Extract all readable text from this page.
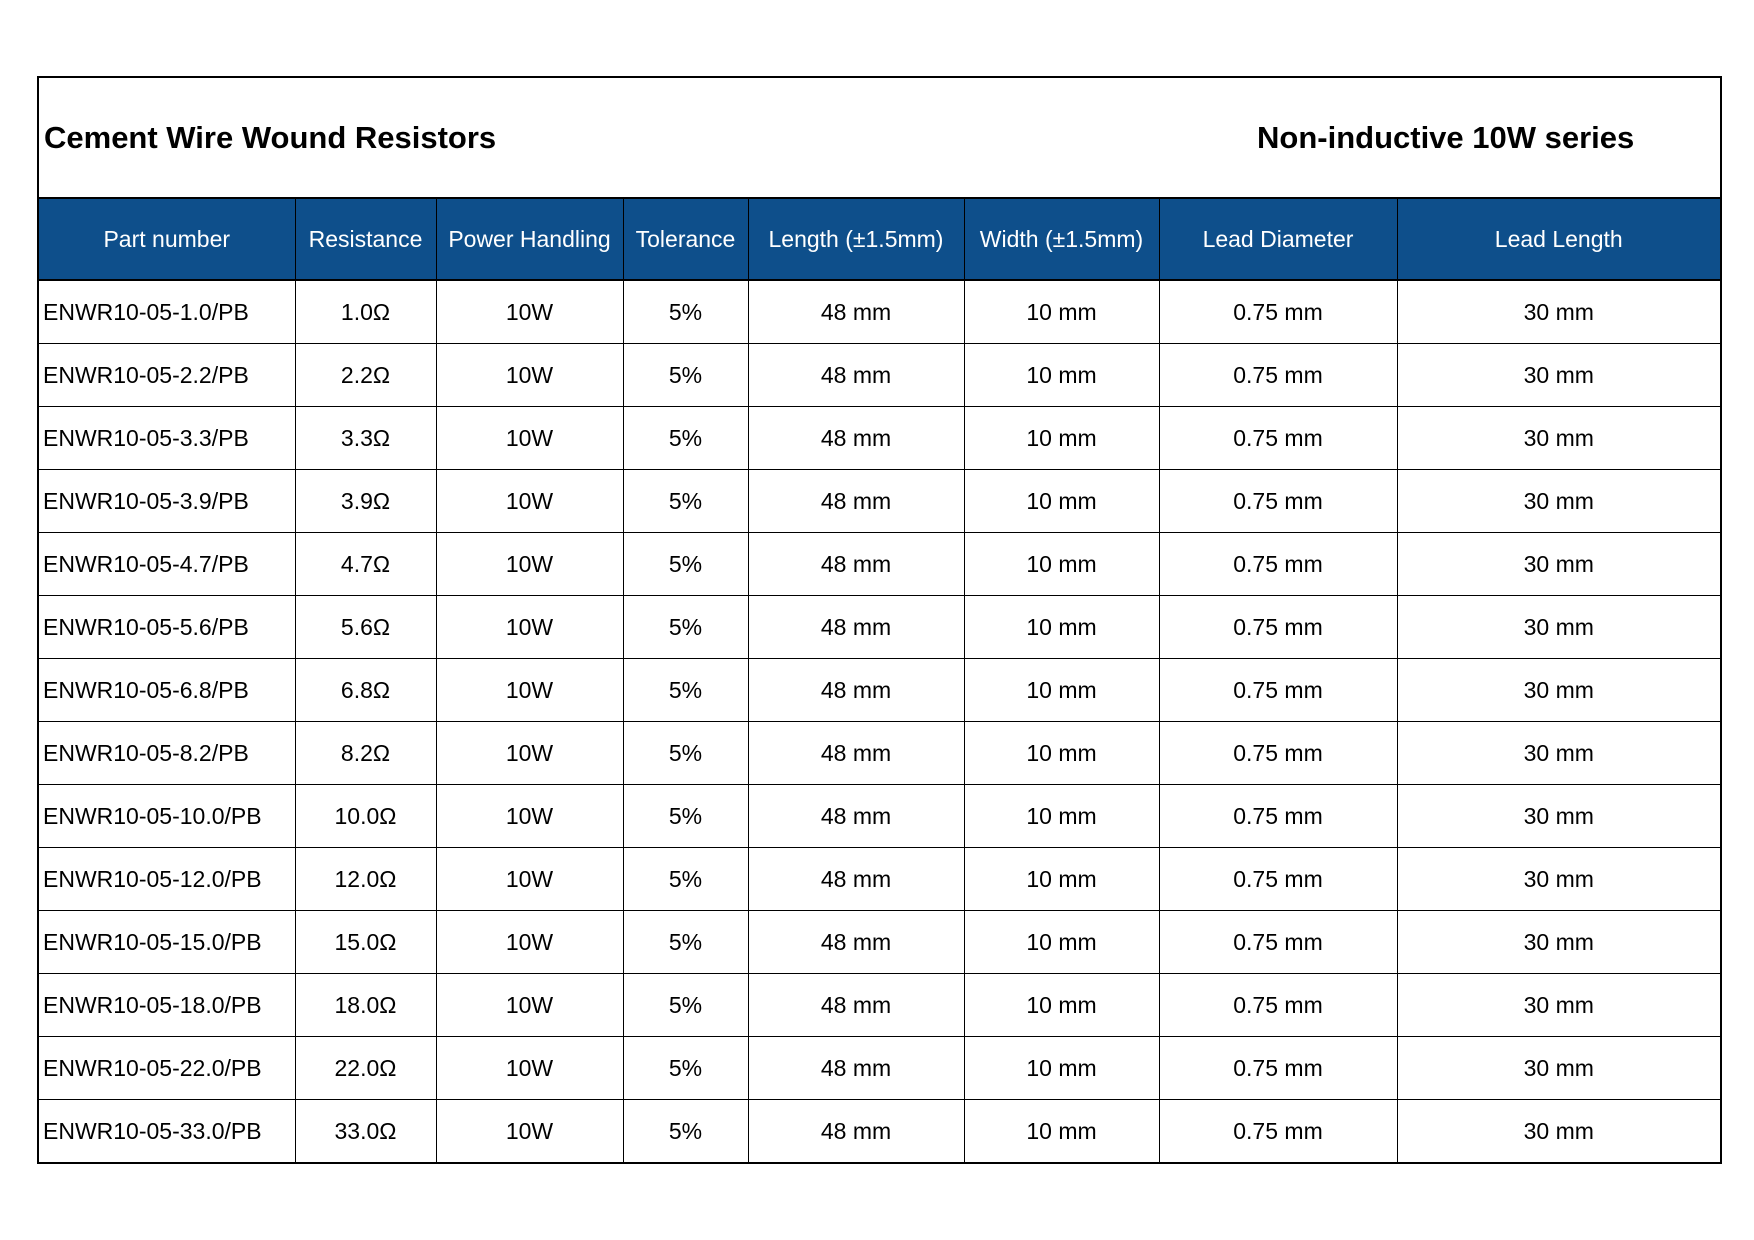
Cement Wire Wound Resistors	Non-inductive 10W series
Part number	Resistance	Power Handling	Tolerance	Length (±1.5mm)	Width (±1.5mm)	Lead Diameter	Lead Length
ENWR10-05-1.0/PB	1.0Ω	10W	5%	48 mm	10 mm	0.75 mm	30 mm
ENWR10-05-2.2/PB	2.2Ω	10W	5%	48 mm	10 mm	0.75 mm	30 mm
ENWR10-05-3.3/PB	3.3Ω	10W	5%	48 mm	10 mm	0.75 mm	30 mm
ENWR10-05-3.9/PB	3.9Ω	10W	5%	48 mm	10 mm	0.75 mm	30 mm
ENWR10-05-4.7/PB	4.7Ω	10W	5%	48 mm	10 mm	0.75 mm	30 mm
ENWR10-05-5.6/PB	5.6Ω	10W	5%	48 mm	10 mm	0.75 mm	30 mm
ENWR10-05-6.8/PB	6.8Ω	10W	5%	48 mm	10 mm	0.75 mm	30 mm
ENWR10-05-8.2/PB	8.2Ω	10W	5%	48 mm	10 mm	0.75 mm	30 mm
ENWR10-05-10.0/PB	10.0Ω	10W	5%	48 mm	10 mm	0.75 mm	30 mm
ENWR10-05-12.0/PB	12.0Ω	10W	5%	48 mm	10 mm	0.75 mm	30 mm
ENWR10-05-15.0/PB	15.0Ω	10W	5%	48 mm	10 mm	0.75 mm	30 mm
ENWR10-05-18.0/PB	18.0Ω	10W	5%	48 mm	10 mm	0.75 mm	30 mm
ENWR10-05-22.0/PB	22.0Ω	10W	5%	48 mm	10 mm	0.75 mm	30 mm
ENWR10-05-33.0/PB	33.0Ω	10W	5%	48 mm	10 mm	0.75 mm	30 mm
